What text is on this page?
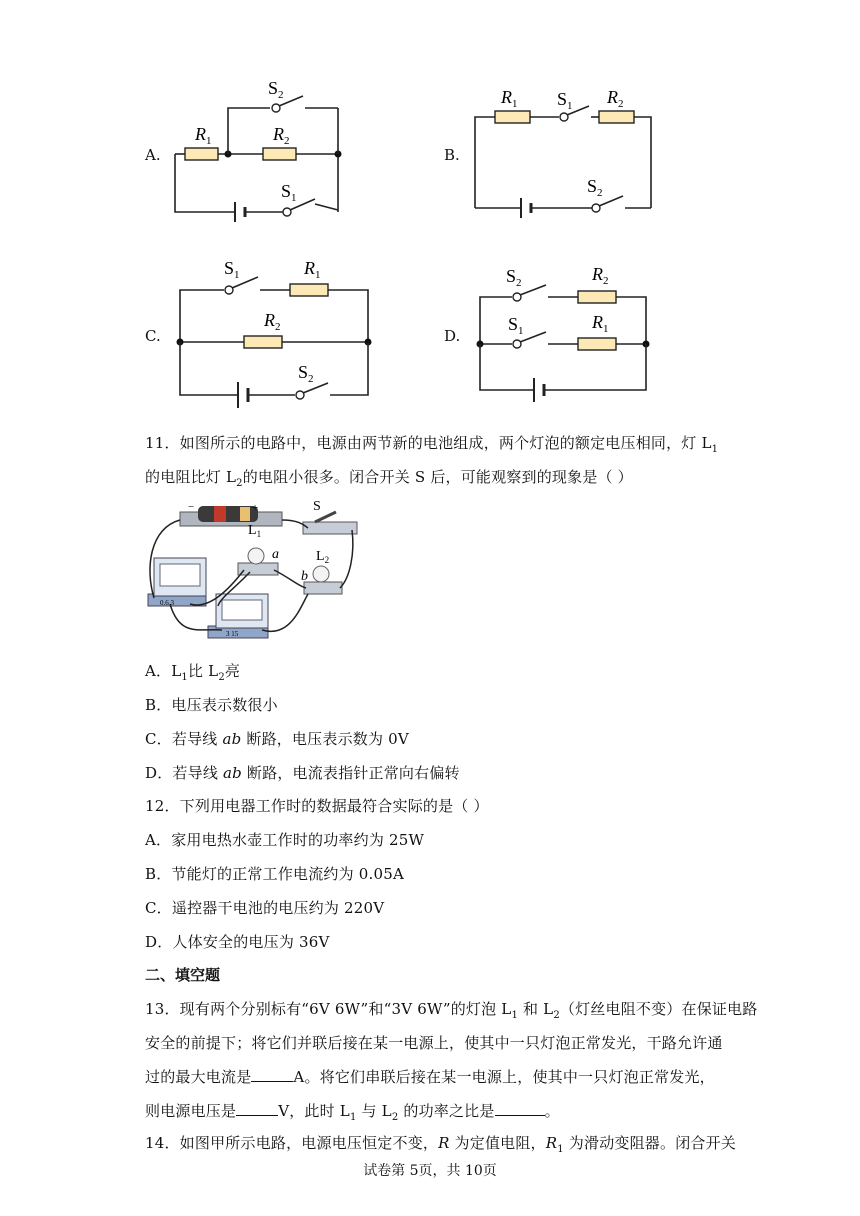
A.
$S_2$
$R_1$	$R_2$
$S_1$
B.
$R_1$ $S_1$ $R_2$
$S_2$
C.
$S_1$	$R_1$
$R_2$
$S_2$
D.
$S_2$	$R_2$
$S_1$	$R_1$
11．如图所示的电路中，电源由两节新的电池组成，两个灯泡的额定电压相同，灯 $L_1$
的电阻比灯 $L_2$的电阻小很多。闭合开关 S 后，可能观察到的现象是（ ）
−	+	S
$L_1$
a	$L_2$
b
0.6 3
3 15
A．$L_1$比 $L_2$亮
B．电压表示数很小
C．若导线 ab 断路，电压表示数为 0V
D．若导线 ab 断路，电流表指针正常向右偏转
12．下列用电器工作时的数据最符合实际的是（ ）
A．家用电热水壶工作时的功率约为 25W
B．节能灯的正常工作电流约为 0.05A
C．遥控器干电池的电压约为 220V
D．人体安全的电压为 36V
二、填空题
13．现有两个分别标有“6V 6W”和“3V 6W”的灯泡 $L_1$ 和 $L_2$（灯丝电阻不变）在保证电路
安全的前提下；将它们并联后接在某一电源上，使其中一只灯泡正常发光，干路允许通
过的最大电流是	A。将它们串联后接在某一电源上，使其中一只灯泡正常发光，
则电源电压是	V，此时 $L_1$ 与 $L_2$ 的功率之比是	。
14．如图甲所示电路，电源电压恒定不变，R 为定值电阻，$R_1$ 为滑动变阻器。闭合开关
试卷第 5页，共 10页
